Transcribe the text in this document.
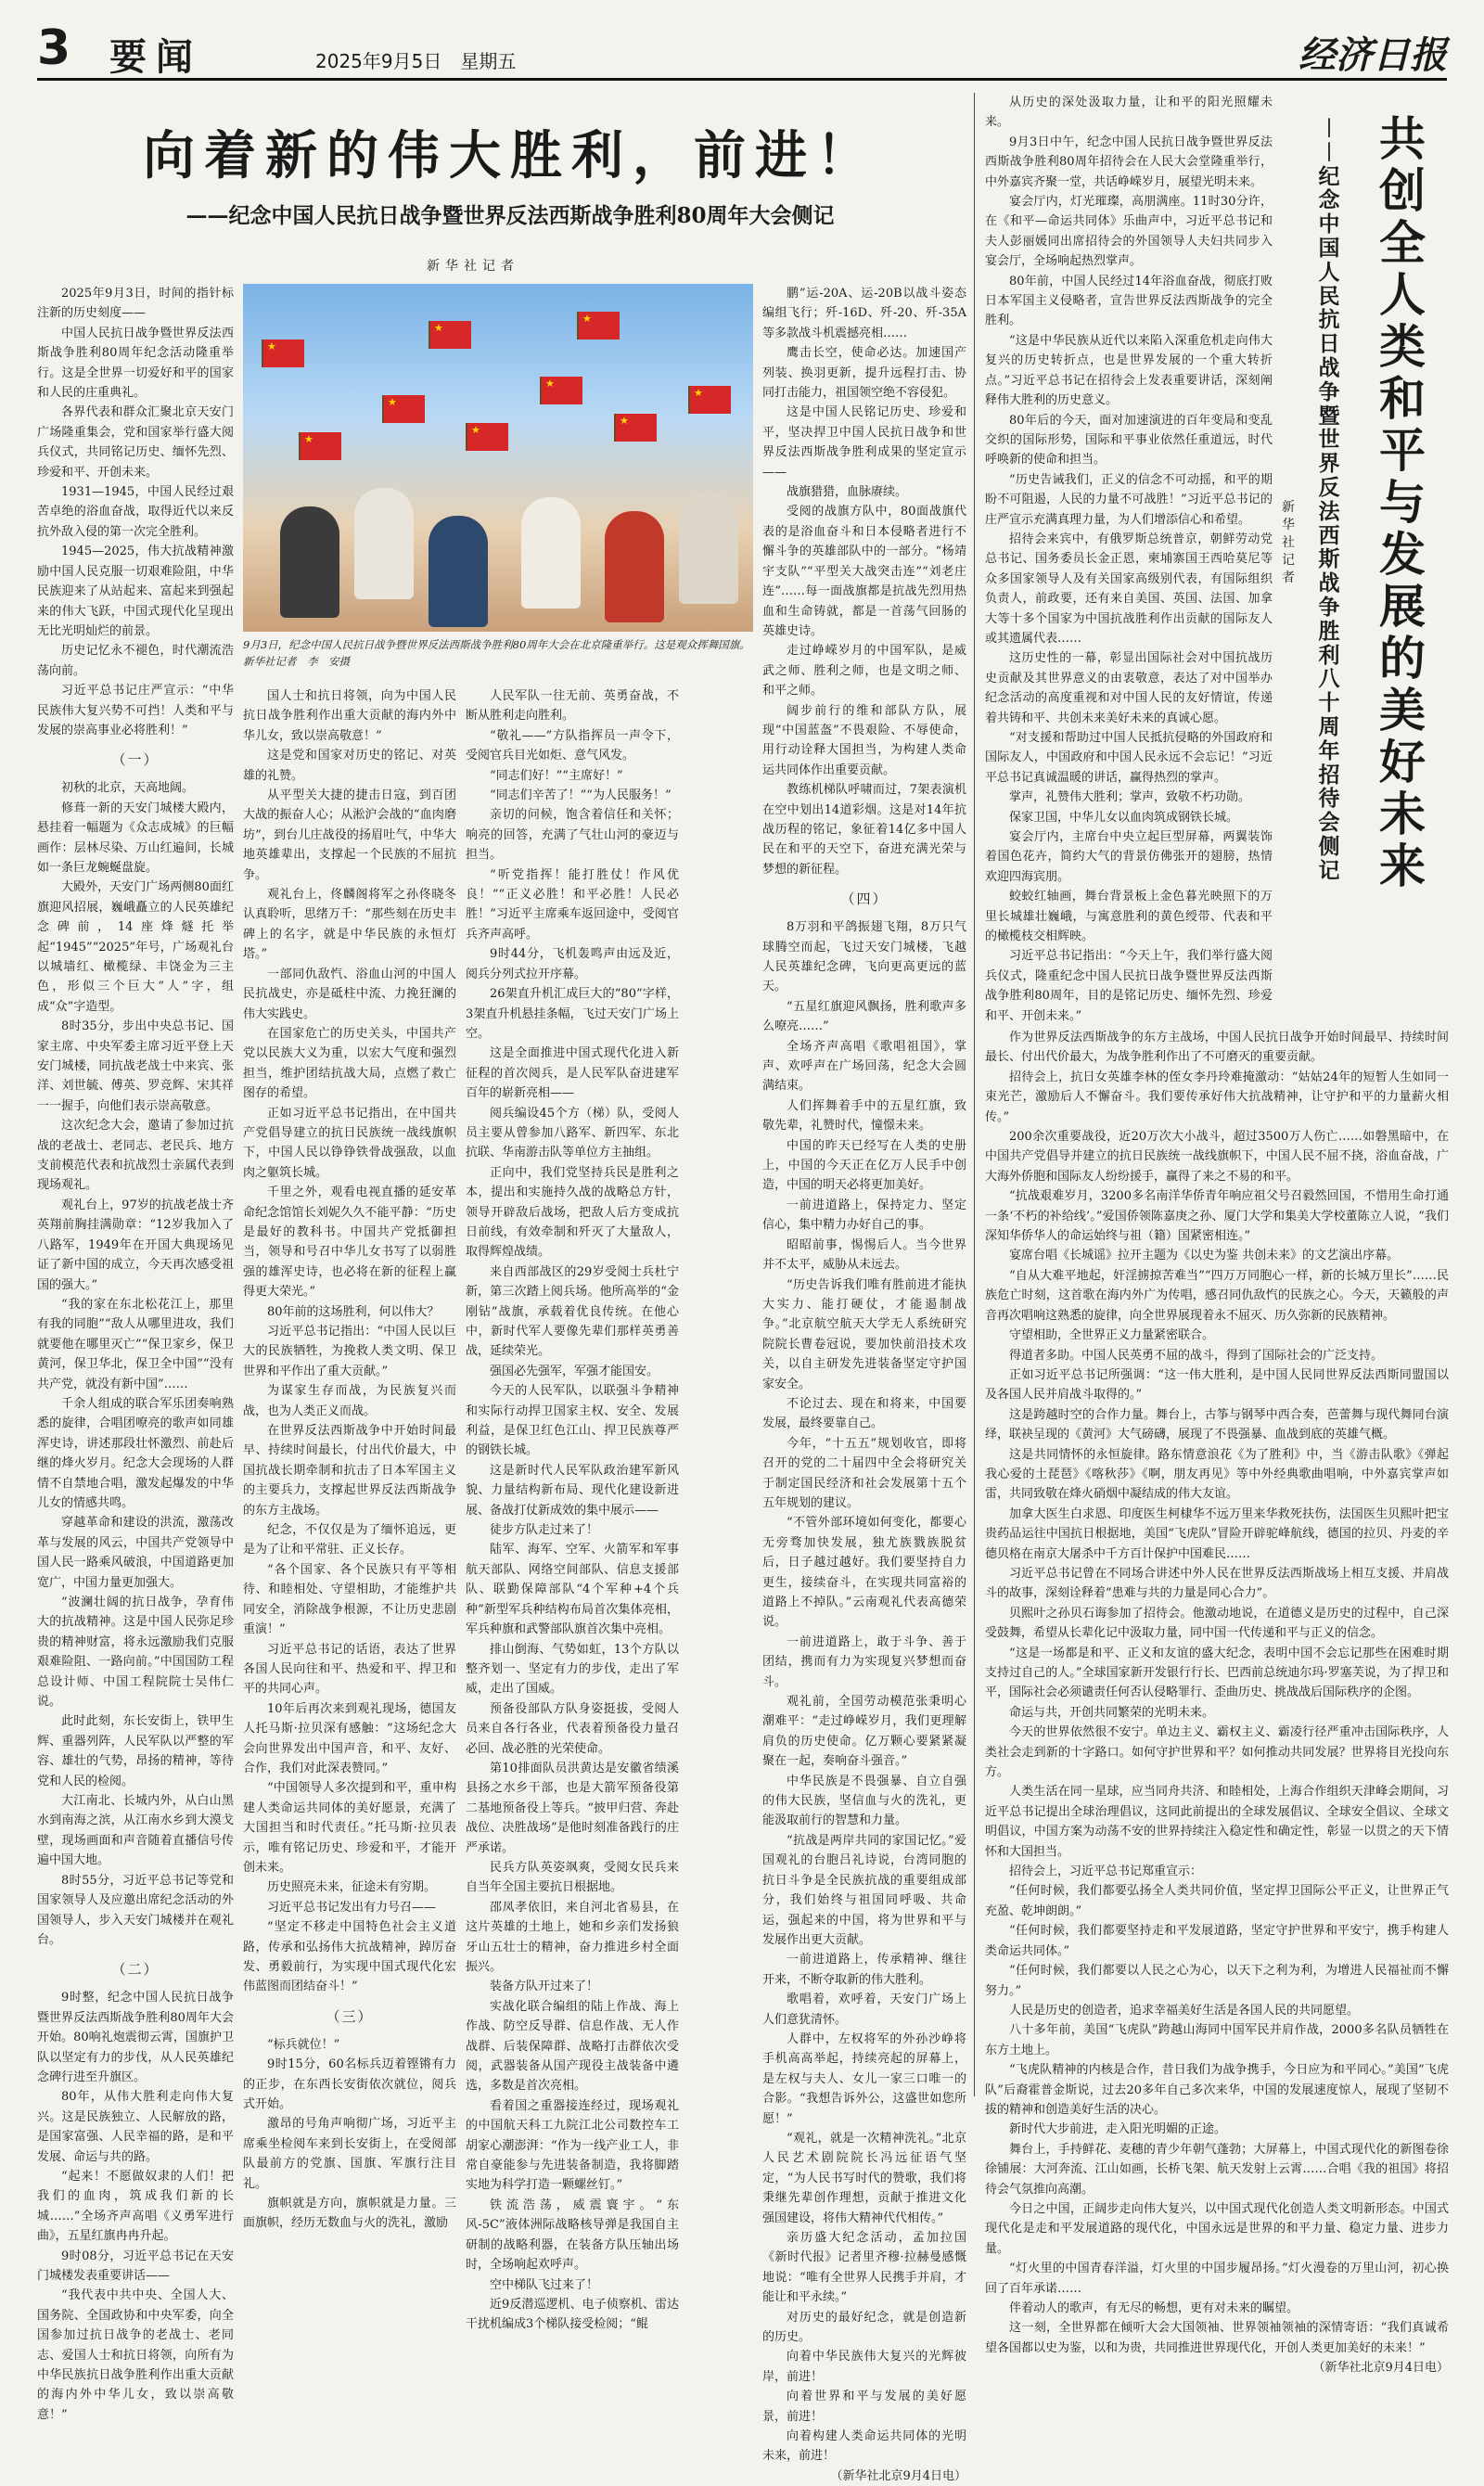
3 要闻	2025年9月5日　星期五	经济日报
向着新的伟大胜利，前进！
——纪念中国人民抗日战争暨世界反法西斯战争胜利80周年大会侧记
新华社记者

2025年9月3日，时间的指针标注新的历史刻度——

中国人民抗日战争暨世界反法西斯战争胜利80周年纪念活动隆重举行。这是全世界一切爱好和平的国家和人民的庄重典礼。

各界代表和群众汇聚北京天安门广场隆重集会，党和国家举行盛大阅兵仪式，共同铭记历史、缅怀先烈、珍爱和平、开创未来。

1931—1945，中国人民经过艰苦卓绝的浴血奋战，取得近代以来反抗外敌入侵的第一次完全胜利。

1945—2025，伟大抗战精神激励中国人民克服一切艰难险阻，中华民族迎来了从站起来、富起来到强起来的伟大飞跃，中国式现代化呈现出无比光明灿烂的前景。

历史记忆永不褪色，时代潮流浩荡向前。

习近平总书记庄严宣示：“中华民族伟大复兴势不可挡！人类和平与发展的崇高事业必将胜利！”

（一）

初秋的北京，天高地阔。

修葺一新的天安门城楼大殿内，悬挂着一幅题为《众志成城》的巨幅画作：层林尽染、万山红遍间，长城如一条巨龙蜿蜒盘旋。

大殿外，天安门广场两侧80面红旗迎风招展，巍峨矗立的人民英雄纪念碑前，14座烽燧托举起“1945”“2025”年号，广场观礼台以城墙红、橄榄绿、丰饶金为三主色，形似三个巨大“人”字，组成“众”字造型。

8时35分，步出中央总书记、国家主席、中央军委主席习近平登上天安门城楼，同抗战老战士中来宾、张洋、刘世毓、傅英、罗竞辉、宋其祥一一握手，向他们表示崇高敬意。

这次纪念大会，邀请了参加过抗战的老战士、老同志、老民兵、地方支前模范代表和抗战烈士亲属代表到现场观礼。

观礼台上，97岁的抗战老战士齐英翔前胸挂满勋章：“12岁我加入了八路军，1949年在开国大典现场见证了新中国的成立，今天再次感受祖国的强大。”

“我的家在东北松花江上，那里有我的同胞”“敌人从哪里进攻，我们就要他在哪里灭亡”“保卫家乡，保卫黄河，保卫华北，保卫全中国”“没有共产党，就没有新中国”……

千余人组成的联合军乐团奏响熟悉的旋律，合唱团嘹亮的歌声如同雄浑史诗，讲述那段壮怀激烈、前赴后继的烽火岁月。纪念大会现场的人群情不自禁地合唱，激发起爆发的中华儿女的情感共鸣。

穿越革命和建设的洪流，激荡改革与发展的风云，中国共产党领导中国人民一路乘风破浪，中国道路更加宽广，中国力量更加强大。

“波澜壮阔的抗日战争，孕育伟大的抗战精神。这是中国人民弥足珍贵的精神财富，将永远激励我们克服艰难险阻、一路向前。”中国国防工程总设计师、中国工程院院士吴伟仁说。

此时此刻，东长安街上，铁甲生辉、重器列阵，人民军队以严整的军容、雄壮的气势，昂扬的精神，等待党和人民的检阅。

大江南北、长城内外，从白山黑水到南海之滨，从江南水乡到大漠戈壁，现场画面和声音随着直播信号传遍中国大地。

8时55分，习近平总书记等党和国家领导人及应邀出席纪念活动的外国领导人，步入天安门城楼并在观礼台。

（二）

9时整，纪念中国人民抗日战争暨世界反法西斯战争胜利80周年大会开始。80响礼炮震彻云霄，国旗护卫队以坚定有力的步伐，从人民英雄纪念碑行进至升旗区。

80年，从伟大胜利走向伟大复兴。这是民族独立、人民解放的路，是国家富强、人民幸福的路，是和平发展、命运与共的路。

“起来！不愿做奴隶的人们！把我们的血肉，筑成我们新的长城……”全场齐声高唱《义勇军进行曲》，五星红旗冉冉升起。

9时08分，习近平总书记在天安门城楼发表重要讲话——

“我代表中共中央、全国人大、国务院、全国政协和中央军委，向全国参加过抗日战争的老战士、老同志、爱国人士和抗日将领，向所有为中华民族抗日战争胜利作出重大贡献的海内外中华儿女，致以崇高敬意！”

★
★
★
★
★
★
★
★
★
9月3日，纪念中国人民抗日战争暨世界反法西斯战争胜利80周年大会在北京隆重举行。这是观众挥舞国旗。　新华社记者　李　安摄

国人士和抗日将领，向为中国人民抗日战争胜利作出重大贡献的海内外中华儿女，致以崇高敬意！”

这是党和国家对历史的铭记、对英雄的礼赞。

从平型关大捷的捷击日寇，到百团大战的振奋人心；从淞沪会战的“血肉磨坊”，到台儿庄战役的扬眉吐气，中华大地英雄辈出，支撑起一个民族的不屈抗争。

观礼台上，佟麟阁将军之孙佟晓冬认真聆听，思绪万千：“那些刻在历史丰碑上的名字，就是中华民族的永恒灯塔。”

一部同仇敌忾、浴血山河的中国人民抗战史，亦是砥柱中流、力挽狂澜的伟大实践史。

在国家危亡的历史关头，中国共产党以民族大义为重，以宏大气度和强烈担当，维护团结抗战大局，点燃了救亡图存的希望。

正如习近平总书记指出，在中国共产党倡导建立的抗日民族统一战线旗帜下，中国人民以铮铮铁骨战强敌，以血肉之躯筑长城。

千里之外，观看电视直播的延安革命纪念馆馆长刘妮久久不能平静：“历史是最好的教科书。中国共产党抵御担当，领导和号召中华儿女书写了以弱胜强的雄浑史诗，也必将在新的征程上赢得更大荣光。”

80年前的这场胜利，何以伟大？

习近平总书记指出：“中国人民以巨大的民族牺牲，为挽救人类文明、保卫世界和平作出了重大贡献。”

为谋家生存而战，为民族复兴而战，也为人类正义而战。

在世界反法西斯战争中开始时间最早、持续时间最长，付出代价最大，中国抗战长期牵制和抗击了日本军国主义的主要兵力，支撑起世界反法西斯战争的东方主战场。

纪念，不仅仅是为了缅怀追远，更是为了让和平常驻、正义长存。

“各个国家、各个民族只有平等相待、和睦相处、守望相助，才能维护共同安全，消除战争根源，不让历史悲剧重演！”

习近平总书记的话语，表达了世界各国人民向往和平、热爱和平、捍卫和平的共同心声。

10年后再次来到观礼现场，德国友人托马斯·拉贝深有感触：“这场纪念大会向世界发出中国声音，和平、友好、合作，我们对此深表赞同。”

“中国领导人多次提到和平，重申构建人类命运共同体的美好愿景，充满了大国担当和时代责任。”托马斯·拉贝表示，唯有铭记历史、珍爱和平，才能开创未来。

历史照亮未来，征途未有穷期。

习近平总书记发出有力号召——

“坚定不移走中国特色社会主义道路，传承和弘扬伟大抗战精神，踔厉奋发、勇毅前行，为实现中国式现代化宏伟蓝图而团结奋斗！”

（三）

“标兵就位！”

9时15分，60名标兵迈着铿锵有力的正步，在东西长安街依次就位，阅兵式开始。

激昂的号角声响彻广场，习近平主席乘坐检阅车来到长安街上，在受阅部队最前方的党旗、国旗、军旗行注目礼。

旗帜就是方向，旗帜就是力量。三面旗帜，经历无数血与火的洗礼，激励

人民军队一往无前、英勇奋战，不断从胜利走向胜利。

“敬礼——”方队指挥员一声令下，受阅官兵目光如炬、意气风发。

“同志们好！”“主席好！”

“同志们辛苦了！”“为人民服务！”

亲切的问候，饱含着信任和关怀；响亮的回答，充满了气壮山河的豪迈与担当。

“听党指挥！能打胜仗！作风优良！”“正义必胜！和平必胜！人民必胜！”习近平主席乘车返回途中，受阅官兵齐声高呼。

9时44分，飞机轰鸣声由远及近，阅兵分列式拉开序幕。

26架直升机汇成巨大的“80”字样，3架直升机悬挂条幅，飞过天安门广场上空。

这是全面推进中国式现代化进入新征程的首次阅兵，是人民军队奋进建军百年的崭新亮相——

阅兵编设45个方（梯）队，受阅人员主要从曾参加八路军、新四军、东北抗联、华南游击队等单位方主抽组。

正向中，我们党坚持兵民是胜利之本，提出和实施持久战的战略总方针，领导开辟敌后战场，把敌人后方变成抗日前线，有效牵制和歼灭了大量敌人，取得辉煌战绩。

来自西部战区的29岁受阅士兵杜宁新，第三次踏上阅兵场。他所高举的“金刚钻”战旗，承载着优良传统。在他心中，新时代军人要像先辈们那样英勇善战，延续荣光。

强国必先强军，军强才能国安。

今天的人民军队，以联强斗争精神和实际行动捍卫国家主权、安全、发展利益，是保卫红色江山、捍卫民族尊严的钢铁长城。

这是新时代人民军队政治建军新风貌、力量结构新布局、现代化建设新进展、备战打仗新成效的集中展示——

徒步方队走过来了！

陆军、海军、空军、火箭军和军事航天部队、网络空间部队、信息支援部队、联勤保障部队“4个军种+4个兵种”新型军兵种结构布局首次集体亮相，军兵种旗和武警部队旗首次集中亮相。

排山倒海、气势如虹，13个方队以整齐划一、坚定有力的步伐，走出了军威，走出了国威。

预备役部队方队身姿挺拔，受阅人员来自各行各业，代表着预备役力量召必回、战必胜的光荣使命。

第10排面队员洪黄达是安徽省绩溪县扬之水乡干部，也是大箭军预备役第二基地预备役上等兵。“披甲归营、奔赴战位、决胜战场”是他时刻准备践行的庄严承诺。

民兵方队英姿飒爽，受阅女民兵来自当年全国主要抗日根据地。

邵凤孝依旧，来自河北省易县，在这片英雄的土地上，她和乡亲们发扬狼牙山五壮士的精神，奋力推进乡村全面振兴。

装备方队开过来了！

实战化联合编组的陆上作战、海上作战、防空反导群、信息作战、无人作战群、后装保障群、战略打击群依次受阅，武器装备从国产现役主战装备中遴选，多数是首次亮相。

看着国之重器接连经过，现场观礼的中国航天科工九院江北公司数控车工胡家心潮澎湃：“作为一线产业工人，非常自豪能参与先进装备制造，我将脚踏实地为科学打造一颗螺丝钉。”

铁流浩荡，威震寰宇。“东风-5C”液体洲际战略核导弹是我国自主研制的战略利器，在装备方队压轴出场时，全场响起欢呼声。

空中梯队飞过来了！

近9反潜巡逻机、电子侦察机、雷达干扰机编成3个梯队接受检阅；“鲲

鹏”运-20A、运-20B以战斗姿态编组飞行；歼-16D、歼-20、歼-35A等多款战斗机震撼亮相……

鹰击长空，使命必达。加速国产列装、换羽更新，提升远程打击、协同打击能力，祖国领空绝不容侵犯。

这是中国人民铭记历史、珍爱和平，坚决捍卫中国人民抗日战争和世界反法西斯战争胜利成果的坚定宣示——

战旗猎猎，血脉赓续。

受阅的战旗方队中，80面战旗代表的是浴血奋斗和日本侵略者进行不懈斗争的英雄部队中的一部分。“杨靖宇支队”“平型关大战突击连”“刘老庄连”……每一面战旗都是抗战先烈用热血和生命铸就，都是一首荡气回肠的英雄史诗。

走过峥嵘岁月的中国军队，是威武之师、胜利之师，也是文明之师、和平之师。

阔步前行的维和部队方队，展现“中国蓝盔”不畏艰险、不辱使命，用行动诠释大国担当，为构建人类命运共同体作出重要贡献。

教练机梯队呼啸而过，7架表演机在空中划出14道彩烟。这是对14年抗战历程的铭记，象征着14亿多中国人民在和平的天空下，奋进充满光荣与梦想的新征程。

（四）

8万羽和平鸽振翅飞翔，8万只气球腾空而起，飞过天安门城楼，飞越人民英雄纪念碑，飞向更高更远的蓝天。

“五星红旗迎风飘扬，胜利歌声多么嘹亮……”

全场齐声高唱《歌唱祖国》，掌声、欢呼声在广场回荡，纪念大会圆满结束。

人们挥舞着手中的五星红旗，致敬先辈，礼赞时代，憧憬未来。

中国的昨天已经写在人类的史册上，中国的今天正在亿万人民手中创造，中国的明天必将更加美好。

一前进道路上，保持定力、坚定信心，集中精力办好自己的事。

昭昭前事，惕惕后人。当今世界并不太平，威胁从未远去。

“历史告诉我们唯有胜前进才能执大实力、能打硬仗，才能遏制战争。”北京航空航天大学无人系统研究院院长曹卷冠说，要加快前沿技术攻关，以自主研发先进装备坚定守护国家安全。

不论过去、现在和将来，中国要发展，最终要靠自己。

今年，“十五五”规划收官，即将召开的党的二十届四中全会将研究关于制定国民经济和社会发展第十五个五年规划的建议。

“不管外部环境如何变化，都要心无旁骛加快发展，独尤族戮族脱贫后，日子越过越好。我们要坚持自力更生，接续奋斗，在实现共同富裕的道路上不掉队。”云南观礼代表高德荣说。

一前进道路上，敢于斗争、善于团结，携而有力为实现复兴梦想而奋斗。

观礼前，全国劳动模范张秉明心潮难平：“走过峥嵘岁月，我们更理解肩负的历史使命。亿万颗心要紧紧凝聚在一起，奏响奋斗强音。”

中华民族是不畏强暴、自立自强的伟大民族，坚信血与火的洗礼，更能汲取前行的智慧和力量。

“抗战是两岸共同的家国记忆。”爱国观礼的台胞吕礼诗说，台湾同胞的抗日斗争是全民族抗战的重要组成部分，我们始终与祖国同呼吸、共命运，强起来的中国，将为世界和平与发展作出更大贡献。

一前进道路上，传承精神、继往开来，不断夺取新的伟大胜利。

歌唱着，欢呼着，天安门广场上人们意犹清怀。

人群中，左权将军的外孙沙峥将手机高高举起，持续亮起的屏幕上，是左权与夫人、女儿一家三口唯一的合影。“我想告诉外公，这盛世如您所愿！”

“观礼，就是一次精神洗礼。”北京人民艺术剧院院长冯远征语气坚定，“为人民书写时代的赞歌，我们将秉继先辈创作理想，贡献于推进文化强国建设，将伟大精神代代相传。”

亲历盛大纪念活动，孟加拉国《新时代报》记者里齐穆·拉赫曼感慨地说：“唯有全世界人民携手并肩，才能让和平永续。”

对历史的最好纪念，就是创造新的历史。

向着中华民族伟大复兴的光辉彼岸，前进！

向着世界和平与发展的美好愿景，前进！

向着构建人类命运共同体的光明未来，前进！

（新华社北京9月4日电）

共
创
全
人
类
和
平
与
发
展
的
美
好
未
来
︱
︱
纪
念
中
国
人
民
抗
日
战
争
暨
世
界
反
法
西
斯
战
争
胜
利
八
十
周
年
招
待
会
侧
记
新
华
社
记
者

从历史的深处汲取力量，让和平的阳光照耀未来。

9月3日中午，纪念中国人民抗日战争暨世界反法西斯战争胜利80周年招待会在人民大会堂隆重举行，中外嘉宾齐聚一堂，共话峥嵘岁月，展望光明未来。

宴会厅内，灯光璀璨，高朋满座。11时30分许，在《和平—命运共同体》乐曲声中，习近平总书记和夫人彭丽媛同出席招待会的外国领导人夫妇共同步入宴会厅，全场响起热烈掌声。

80年前，中国人民经过14年浴血奋战，彻底打败日本军国主义侵略者，宣告世界反法西斯战争的完全胜利。

“这是中华民族从近代以来陷入深重危机走向伟大复兴的历史转折点，也是世界发展的一个重大转折点。”习近平总书记在招待会上发表重要讲话，深刻阐释伟大胜利的历史意义。

80年后的今天，面对加速演进的百年变局和变乱交织的国际形势，国际和平事业依然任重道远，时代呼唤新的使命和担当。

“历史告诫我们，正义的信念不可动摇，和平的期盼不可阻遏，人民的力量不可战胜！”习近平总书记的庄严宣示充满真理力量，为人们增添信心和希望。

招待会来宾中，有俄罗斯总统普京，朝鲜劳动党总书记、国务委员长金正恩，柬埔寨国王西哈莫尼等众多国家领导人及有关国家高级别代表，有国际组织负责人，前政要，还有来自美国、英国、法国、加拿大等十多个国家为中国抗战胜利作出贡献的国际友人或其遗属代表……

这历史性的一幕，彰显出国际社会对中国抗战历史贡献及其世界意义的由衷敬意，表达了对中国举办纪念活动的高度重视和对中国人民的友好情谊，传递着共铸和平、共创未来美好未来的真诚心愿。

“对支援和帮助过中国人民抵抗侵略的外国政府和国际友人，中国政府和中国人民永远不会忘记！”习近平总书记真诚温暖的讲话，赢得热烈的掌声。

掌声，礼赞伟大胜利；掌声，致敬不朽功勋。

保家卫国，中华儿女以血肉筑成钢铁长城。

宴会厅内，主席台中央立起巨型屏幕，两翼装饰着国色花卉，简约大气的背景仿佛张开的翅膀，热情欢迎四海宾朋。

蛟蛟红轴画，舞台背景板上金色暮光映照下的万里长城雄壮巍峨，与寓意胜利的黄色绶带、代表和平的橄榄枝交相辉映。

习近平总书记指出：“今天上午，我们举行盛大阅兵仪式，隆重纪念中国人民抗日战争暨世界反法西斯战争胜利80周年，目的是铭记历史、缅怀先烈、珍爱和平、开创未来。”

作为世界反法西斯战争的东方主战场，中国人民抗日战争开始时间最早、持续时间最长、付出代价最大，为战争胜利作出了不可磨灭的重要贡献。

招待会上，抗日女英雄李林的侄女李丹玲难掩激动：“姑姑24年的短暂人生如同一束光芒，激励后人不懈奋斗。我们要传承好伟大抗战精神，让守护和平的力量薪火相传。”

200余次重要战役，近20万次大小战斗，超过3500万人伤亡……如磐黑暗中，在中国共产党倡导并建立的抗日民族统一战线旗帜下，中国人民不屈不挠，浴血奋战，广大海外侨胞和国际友人纷纷援手，赢得了来之不易的和平。

“抗战艰难岁月，3200多名南洋华侨青年响应祖父号召毅然回国，不惜用生命打通一条‘不朽的补给线’。”爱国侨领陈嘉庚之孙、厦门大学和集美大学校董陈立人说，“我们深知华侨华人的命运始终与祖（籍）国紧密相连。”

宴席台唱《长城谣》拉开主题为《以史为鉴 共创未来》的文艺演出序幕。

“自从大难平地起，奸淫掳掠苦难当”“四万万同胞心一样，新的长城万里长”……民族危亡时刻，这首歌在海内外广为传唱，感召同仇敌忾的民族之心。今天，天籁般的声音再次唱响这熟悉的旋律，向全世界展现着永不屈灭、历久弥新的民族精神。

守望相助，全世界正义力量紧密联合。

得道者多助。中国人民英勇不屈的战斗，得到了国际社会的广泛支持。

正如习近平总书记所强调：“这一伟大胜利，是中国人民同世界反法西斯同盟国以及各国人民并肩战斗取得的。”

这是跨越时空的合作力量。舞台上，古筝与钢琴中西合奏，芭蕾舞与现代舞同台演绎，联袂呈现的《黄河》大气磅礴，展现了不畏强暴、血战到底的英雄气概。

这是共同情怀的永恒旋律。路东情意浪花《为了胜利》中，当《游击队歌》《弹起我心爱的土琵琶》《喀秋莎》《啊，朋友再见》等中外经典歌曲唱响，中外嘉宾掌声如雷，共同致敬在烽火硝烟中凝结成的伟大友谊。

加拿大医生白求恩、印度医生柯棣华不远万里来华救死扶伤，法国医生贝熙叶把宝贵药品运往中国抗日根据地，美国“飞虎队”冒险开辟驼峰航线，德国的拉贝、丹麦的辛德贝格在南京大屠杀中千方百计保护中国难民……

习近平总书记曾在不同场合讲述中外人民在世界反法西斯战场上相互支援、并肩战斗的故事，深刻诠释着“患难与共的力量是同心合力”。

贝熙叶之孙贝石诲参加了招待会。他激动地说，在道德义是历史的过程中，自己深受鼓舞，希望从长辈化记中汲取力量，同中国一代传递和平与正义的信念。

“这是一场都是和平、正义和友谊的盛大纪念，表明中国不会忘记那些在困难时期支持过自己的人。”全球国家新开发银行行长、巴西前总统迪尔玛·罗塞芙说，为了捍卫和平，国际社会必须谴责任何否认侵略罪行、歪曲历史、挑战战后国际秩序的企图。

命运与共，开创共同繁荣的光明未来。

今天的世界依然很不安宁。单边主义、霸权主义、霸凌行径严重冲击国际秩序，人类社会走到新的十字路口。如何守护世界和平？如何推动共同发展？世界将目光投向东方。

人类生活在同一星球，应当同舟共济、和睦相处，上海合作组织天津峰会期间，习近平总书记提出全球治理倡议，这同此前提出的全球发展倡议、全球安全倡议、全球文明倡议，中国方案为动荡不安的世界持续注入稳定性和确定性，彰显一以贯之的天下情怀和大国担当。

招待会上，习近平总书记郑重宣示：

“任何时候，我们都要弘扬全人类共同价值，坚定捍卫国际公平正义，让世界正气充盈、乾坤朗朗。”

“任何时候，我们都要坚持走和平发展道路，坚定守护世界和平安宁，携手构建人类命运共同体。”

“任何时候，我们都要以人民之心为心，以天下之利为利，为增进人民福祉而不懈努力。”

人民是历史的创造者，追求幸福美好生活是各国人民的共同愿望。

八十多年前，美国“飞虎队”跨越山海同中国军民并肩作战，2000多名队员牺牲在东方土地上。

“飞虎队精神的内核是合作，昔日我们为战争携手，今日应为和平同心。”美国“飞虎队”后裔霍普金斯说，过去20多年自己多次来华，中国的发展速度惊人，展现了坚韧不拔的精神和创造美好生活的决心。

新时代大步前进，走入阳光明媚的正途。

舞台上，手持鲜花、麦穗的青少年朝气蓬勃；大屏幕上，中国式现代化的新图卷徐徐铺展：大河奔流、江山如画，长桥飞架、航天发射上云霄……合唱《我的祖国》将招待会气氛推向高潮。

今日之中国，正阔步走向伟大复兴，以中国式现代化创造人类文明新形态。中国式现代化是走和平发展道路的现代化，中国永远是世界的和平力量、稳定力量、进步力量。

“灯火里的中国青春洋溢，灯火里的中国步履昂扬。”灯火漫卷的万里山河，初心换回了百年承诺……

伴着动人的歌声，有无尽的畅想，更有对未来的瞩望。

这一刻，全世界都在倾听大会大国领袖、世界领袖领袖的深情寄语：“我们真诚希望各国都以史为鉴，以和为贵，共同推进世界现代化，开创人类更加美好的未来！”

（新华社北京9月4日电）
